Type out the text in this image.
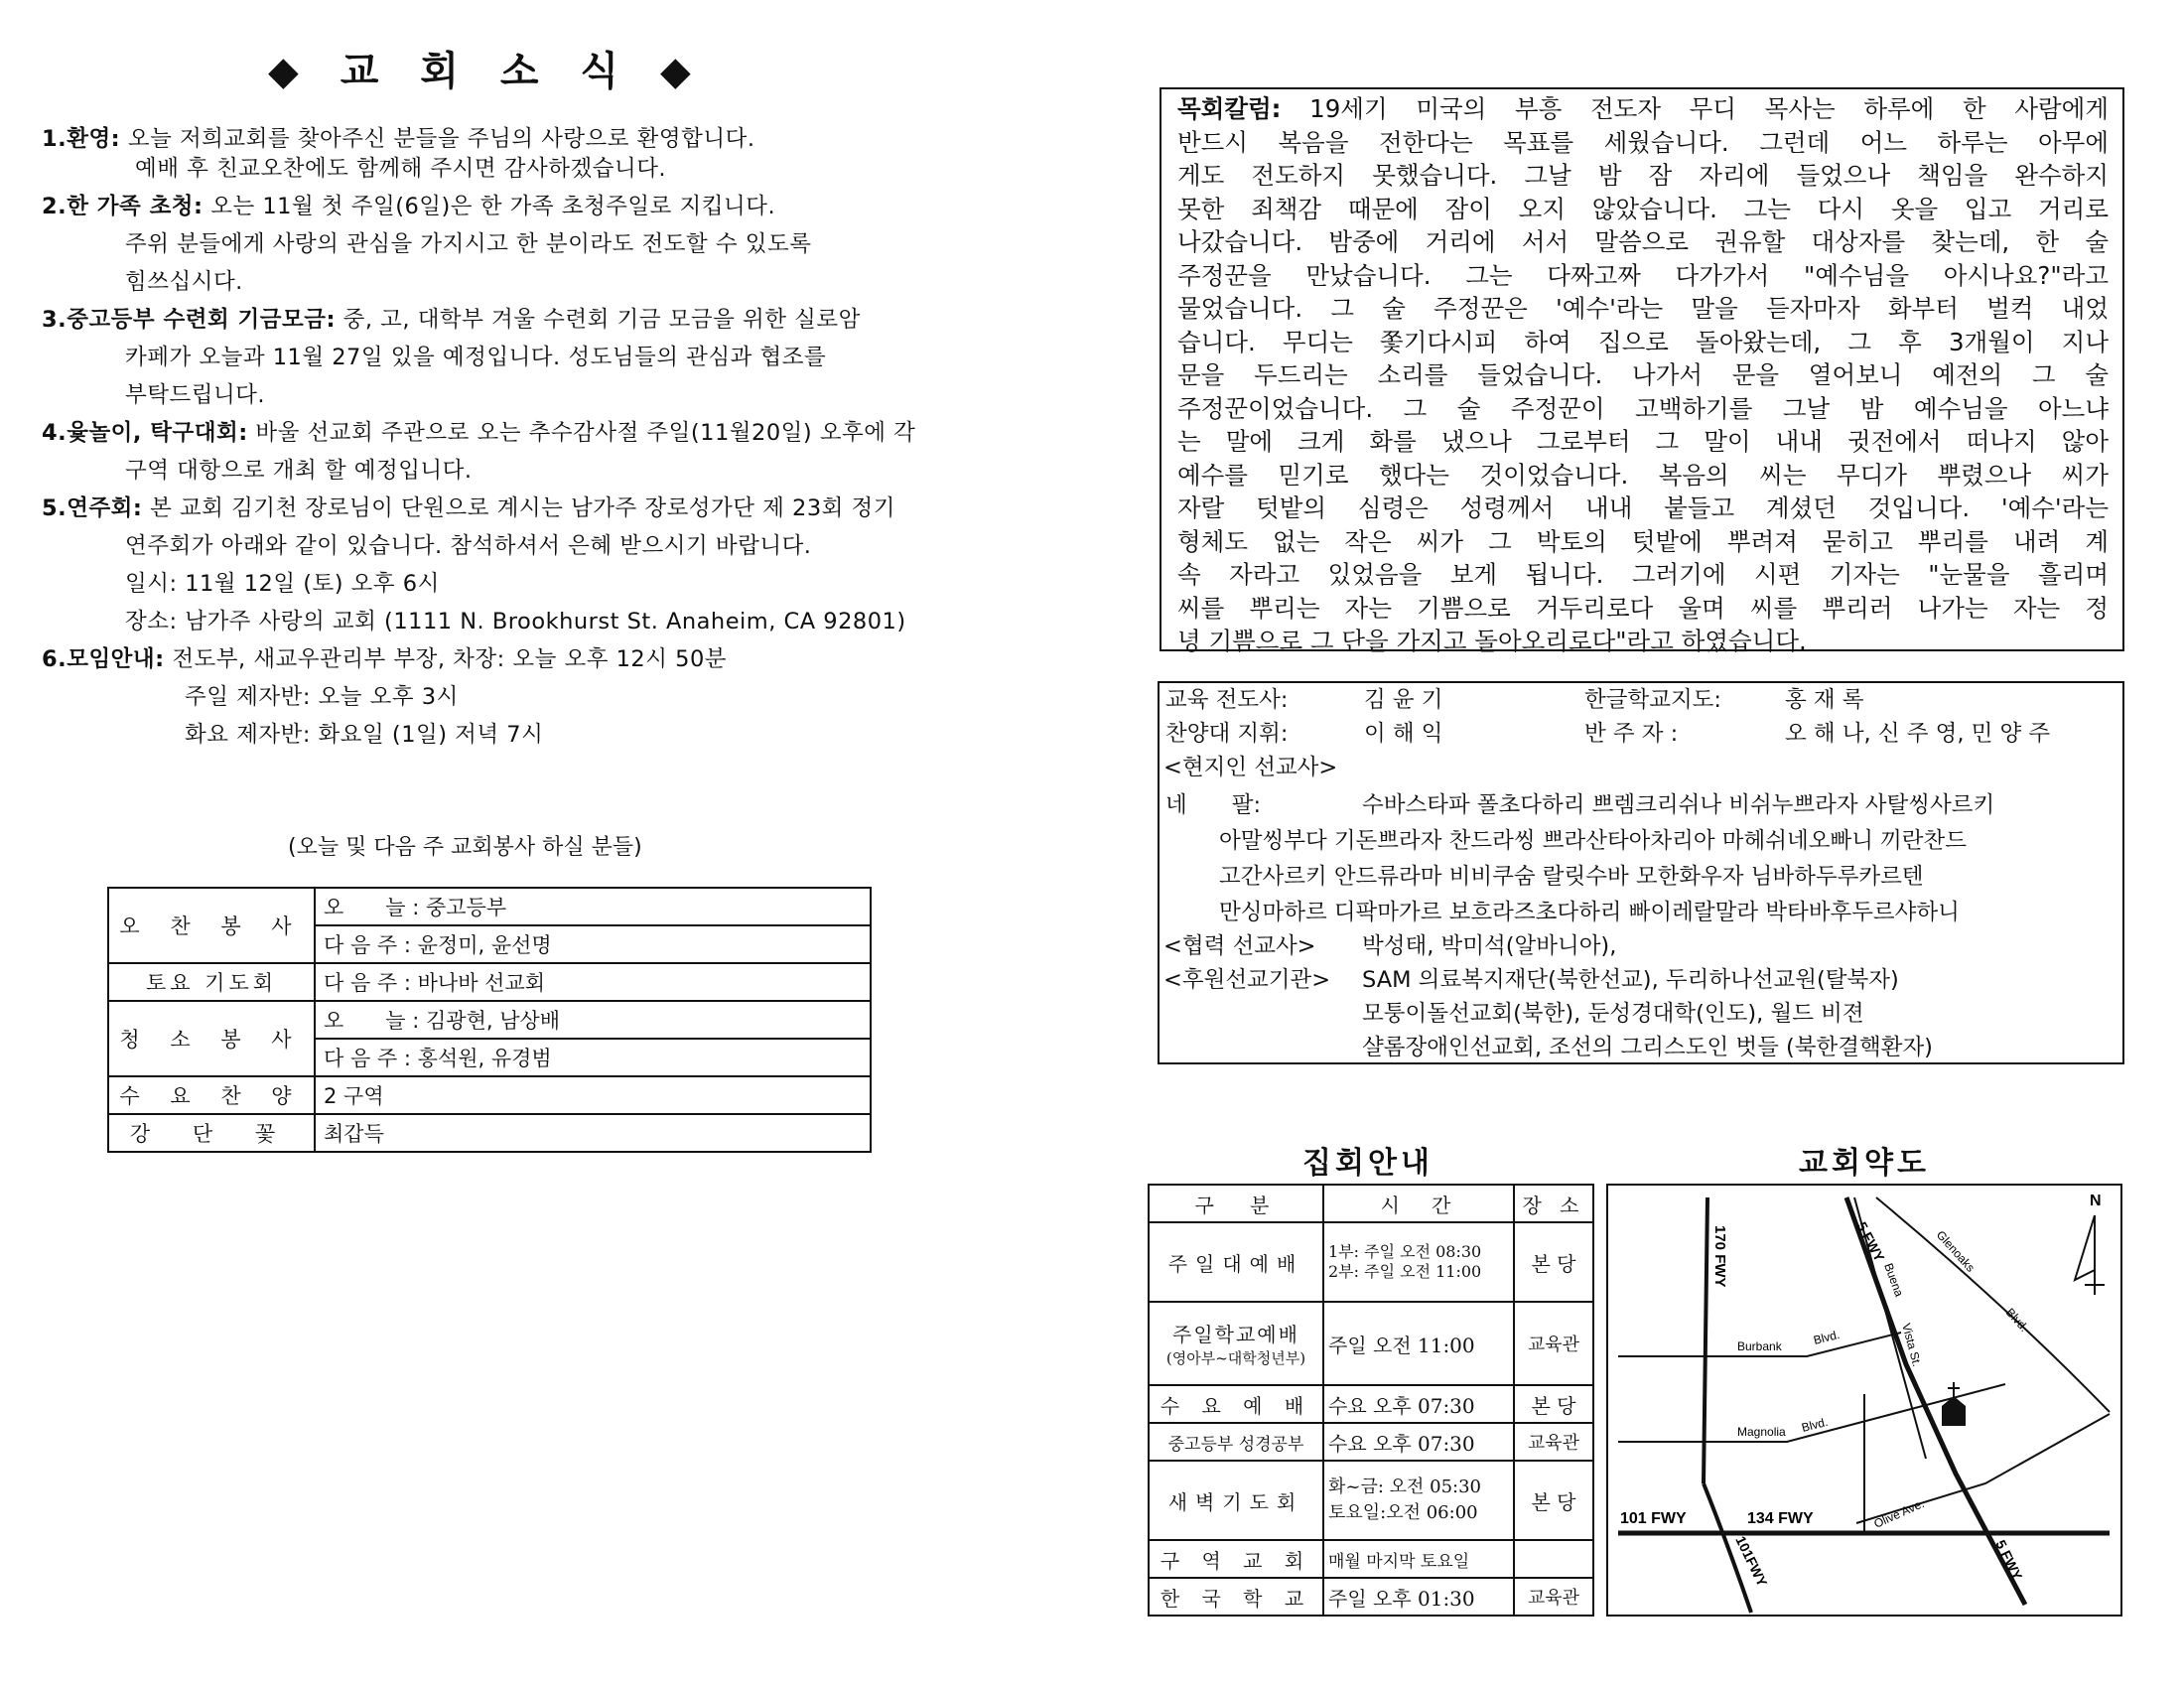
◆ 교 회 소 식 ◆
1.환영: 오늘 저희교회를 찾아주신 분들을 주님의 사랑으로 환영합니다.
예배 후 친교오찬에도 함께해 주시면 감사하겠습니다.
2.한 가족 초청: 오는 11월 첫 주일(6일)은 한 가족 초청주일로 지킵니다.
주위 분들에게 사랑의 관심을 가지시고 한 분이라도 전도할 수 있도록
힘쓰십시다.
3.중고등부 수련회 기금모금: 중, 고, 대학부 겨울 수련회 기금 모금을 위한 실로암
카페가 오늘과 11월 27일 있을 예정입니다. 성도님들의 관심과 협조를
부탁드립니다.
4.윷놀이, 탁구대회: 바울 선교회 주관으로 오는 추수감사절 주일(11월20일) 오후에 각
구역 대항으로 개최 할 예정입니다.
5.연주회: 본 교회 김기천 장로님이 단원으로 계시는 남가주 장로성가단 제 23회 정기
연주회가 아래와 같이 있습니다. 참석하셔서 은혜 받으시기 바랍니다.
일시: 11월 12일 (토) 오후 6시
장소: 남가주 사랑의 교회 (1111 N. Brookhurst St. Anaheim, CA 92801)
6.모임안내: 전도부, 새교우관리부 부장, 차장: 오늘 오후 12시 50분
주일 제자반: 오늘 오후 3시
화요 제자반: 화요일 (1일) 저녁 7시
(오늘 및 다음 주 교회봉사 하실 분들)
오 찬 봉 사	오　　늘 : 중고등부
	다 음 주 : 윤정미, 윤선명
토요 기도회	다 음 주 : 바나바 선교회
청 소 봉 사	오　　늘 : 김광현, 남상배
	다 음 주 : 홍석원, 유경범
수 요 찬 양	2 구역
강 단 꽃	최갑득
목회칼럼: 19세기 미국의 부흥 전도자 무디 목사는 하루에 한 사람에게
반드시 복음을 전한다는 목표를 세웠습니다. 그런데 어느 하루는 아무에
게도 전도하지 못했습니다. 그날 밤 잠 자리에 들었으나 책임을 완수하지
못한 죄책감 때문에 잠이 오지 않았습니다. 그는 다시 옷을 입고 거리로
나갔습니다. 밤중에 거리에 서서 말씀으로 권유할 대상자를 찾는데, 한 술
주정꾼을 만났습니다. 그는 다짜고짜 다가가서 "예수님을 아시나요?"라고
물었습니다. 그 술 주정꾼은 '예수'라는 말을 듣자마자 화부터 벌컥 내었
습니다. 무디는 쫓기다시피 하여 집으로 돌아왔는데, 그 후 3개월이 지나
문을 두드리는 소리를 들었습니다. 나가서 문을 열어보니 예전의 그 술
주정꾼이었습니다. 그 술 주정꾼이 고백하기를 그날 밤 예수님을 아느냐
는 말에 크게 화를 냈으나 그로부터 그 말이 내내 귓전에서 떠나지 않아
예수를 믿기로 했다는 것이었습니다. 복음의 씨는 무디가 뿌렸으나 씨가
자랄 텃밭의 심령은 성령께서 내내 붙들고 계셨던 것입니다. '예수'라는
형체도 없는 작은 씨가 그 박토의 텃밭에 뿌려져 묻히고 뿌리를 내려 계
속 자라고 있었음을 보게 됩니다. 그러기에 시편 기자는 "눈물을 흘리며
씨를 뿌리는 자는 기쁨으로 거두리로다 울며 씨를 뿌리러 나가는 자는 정
녕 기쁨으로 그 단을 가지고 돌아오리로다"라고 하였습니다.
교육 전도사:	김 윤 기	한글학교지도:	홍 재 록
찬양대 지휘:	이 해 익	반 주 자 :	오 해 나, 신 주 영, 민 양 주
<현지인 선교사>
네　　팔:	수바스타파 폴초다하리 쁘렘크리쉬나 비쉬누쁘라자 사탈씽사르키
아말씽부다 기돈쁘라자 찬드라씽 쁘라산타아차리아 마헤쉬네오빠니 끼란찬드
고간사르키 안드류라마 비비쿠숨 랄릿수바 모한화우자 님바하두루카르텐
만싱마하르 디팍마가르 보흐라즈초다하리 빠이레랄말라 박타바후두르샤하니
<협력 선교사> 박성태, 박미석(알바니아),
<후원선교기관> SAM 의료복지재단(북한선교), 두리하나선교원(탈북자)
모퉁이돌선교회(북한), 둔성경대학(인도), 월드 비젼
샬롬장애인선교회, 조선의 그리스도인 벗들 (북한결핵환자)
집회안내	교회약도
구　분	시　간	장 소
주일대예배	1부: 주일 오전 08:30
2부: 주일 오전 11:00	본 당

주일학교예배
(영아부~대학청년부)	주일 오전 11:00	교육관
수 요 예 배	수요 오후 07:30	본 당
중고등부 성경공부	수요 오후 07:30	교육관
새벽기도회	화~금: 오전 05:30
토요일:오전 06:00	본 당
구 역 교 회	매월 마지막 토요일	
한 국 학 교	주일 오후 01:30	교육관
N
170 FWY	5 FWY	Glenoaks
Blvd.
Buena
Vista St.
Burbank	Blvd.
Magnolia Blvd.
101 FWY	134 FWY	Olive Ave.
101FWY	5 FWY
